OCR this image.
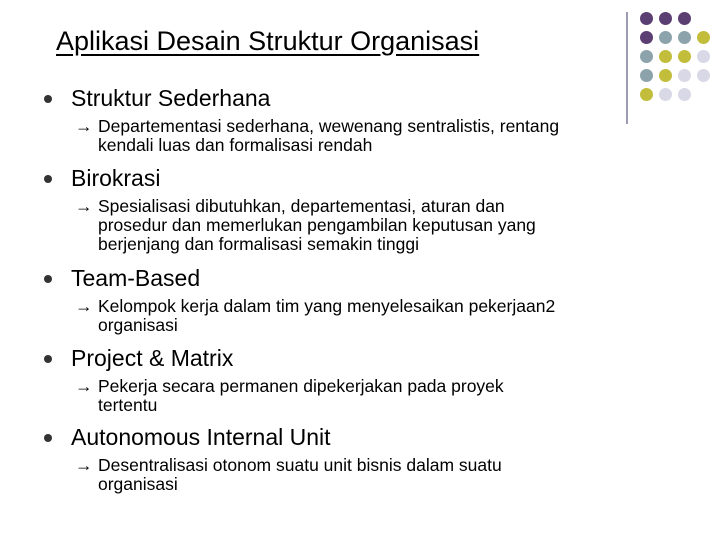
Aplikasi Desain Struktur Organisasi
Struktur Sederhana
→ Departementasi sederhana, wewenang sentralistis, rentang
kendali luas dan formalisasi rendah
Birokrasi
→ Spesialisasi dibutuhkan, departementasi, aturan dan
prosedur dan memerlukan pengambilan keputusan yang
berjenjang dan formalisasi semakin tinggi
Team-Based
→ Kelompok kerja dalam tim yang menyelesaikan pekerjaan2
organisasi
Project & Matrix
→ Pekerja secara permanen dipekerjakan pada proyek
tertentu
Autonomous Internal Unit
→ Desentralisasi otonom suatu unit bisnis dalam suatu
organisasi
